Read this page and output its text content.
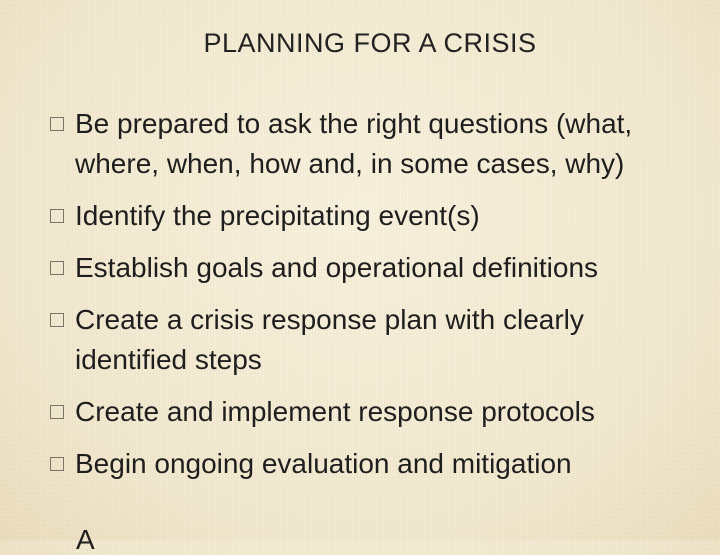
PLANNING FOR A CRISIS
Be prepared to ask the right questions (what, where, when, how and, in some cases, why)
Identify the precipitating event(s)
Establish goals and operational definitions
Create a crisis response plan with clearly identified steps
Create and implement response protocols
Begin ongoing evaluation and mitigation
A
